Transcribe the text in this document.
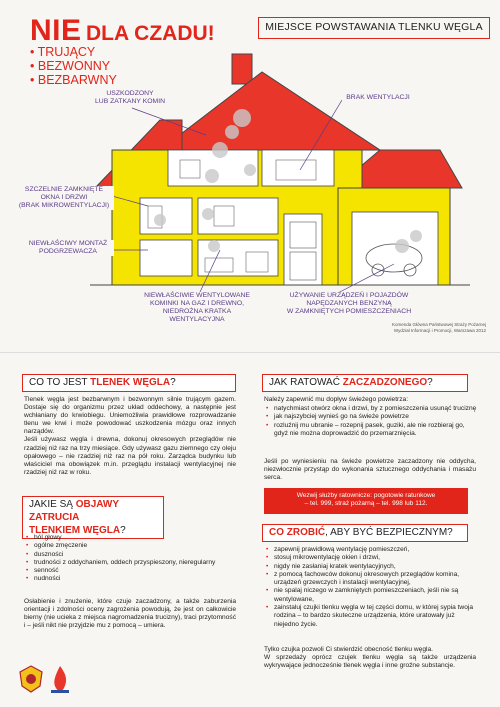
NIE DLA CZADU!
• TRUJĄCY
• BEZWONNY
• BEZBARWNY
MIEJSCE POWSTAWANIA TLENKU WĘGLA
USZKODZONY
LUB ZATKANY KOMIN
BRAK WENTYLACJI
SZCZELNIE ZAMKNIĘTE
OKNA I DRZWI
(BRAK MIKROWENTYLACJI)
NIEWŁAŚCIWY MONTAŻ
PODGRZEWACZA
NIEWŁAŚCIWIE WENTYLOWANE
KOMINKI NA GAZ I DREWNO,
NIEDROŻNA KRATKA
WENTYLACYJNA
UŻYWANIE URZĄDZEŃ I POJAZDÓW
NAPĘDZANYCH BENZYNĄ
W ZAMKNIĘTYCH POMIESZCZENIACH
Komenda Główna Państwowej Straży Pożarnej
Wydział Informacji i Promocji, Warszawa 2012
CO TO JEST TLENEK WĘGLA?
Tlenek węgla jest bezbarwnym i bezwonnym silnie trującym gazem. Dostaje się do organizmu przez układ oddechowy, a następnie jest wchłaniany do krwiobiegu. Uniemożliwia prawidłowe rozprowadzanie tlenu we krwi i może powodować uszkodzenia mózgu oraz innych narządów.
Jeśli używasz węgla i drewna, dokonuj okresowych przeglądów nie rzadziej niż raz na trzy miesiące. Gdy używasz gazu ziemnego czy oleju opałowego – nie rzadziej niż raz na pół roku. Zarządca budynku lub właściciel ma obowiązek m.in. przeglądu instalacji wentylacyjnej nie rzadziej niż raz w roku.
JAKIE SĄ OBJAWY ZATRUCIA
TLENKIEM WĘGLA?
• ból głowy
• ogólne zmęczenie
• duszności
• trudności z oddychaniem, oddech przyspieszony, nieregularny
• senność
• nudności
Osłabienie i znużenie, które czuje zaczadzony, a także zaburzenia orientacji i zdolności oceny zagrożenia powodują, że jest on całkowicie bierny (nie ucieka z miejsca nagromadzenia trucizny), traci przytomność i – jeśli nikt nie przyjdzie mu z pomocą – umiera.
JAK RATOWAĆ ZACZADZONEGO?
Należy zapewnić mu dopływ świeżego powietrza:
• natychmiast otwórz okna i drzwi, by z pomieszczenia usunąć truciznę
• jak najszybciej wynieś go na świeże powietrze
• rozluźnij mu ubranie – rozepnij pasek, guziki, ale nie rozbieraj go, gdyż nie można doprowadzić do przemarznięcia.
Jeśli po wyniesieniu na świeże powietrze zaczadzony nie oddycha, niezwłocznie przystąp do wykonania sztucznego oddychania i masażu serca.
Wezwij służby ratownicze: pogotowie ratunkowe
– tel. 999, straż pożarną – tel. 998 lub 112.
CO ZROBIĆ, ABY BYĆ BEZPIECZNYM?
• zapewnij prawidłową wentylację pomieszczeń,
• stosuj mikrowentylację okien i drzwi,
• nigdy nie zasłaniaj kratek wentylacyjnych,
• z pomocą fachowców dokonuj okresowych przeglądów komina, urządzeń grzewczych i instalacji wentylacyjnej,
• nie spalaj niczego w zamkniętych pomieszczeniach, jeśli nie są wentylowane,
• zainstaluj czujki tlenku węgla w tej części domu, w której sypia twoja rodzina – to bardzo skuteczne urządzenia, które uratowały już niejedno życie.
Tylko czujka pozwoli Ci stwierdzić obecność tlenku węgla.
W sprzedaży oprócz czujek tlenku węgla są także urządzenia wykrywające jednocześnie tlenek węgla i inne groźne substancje.
